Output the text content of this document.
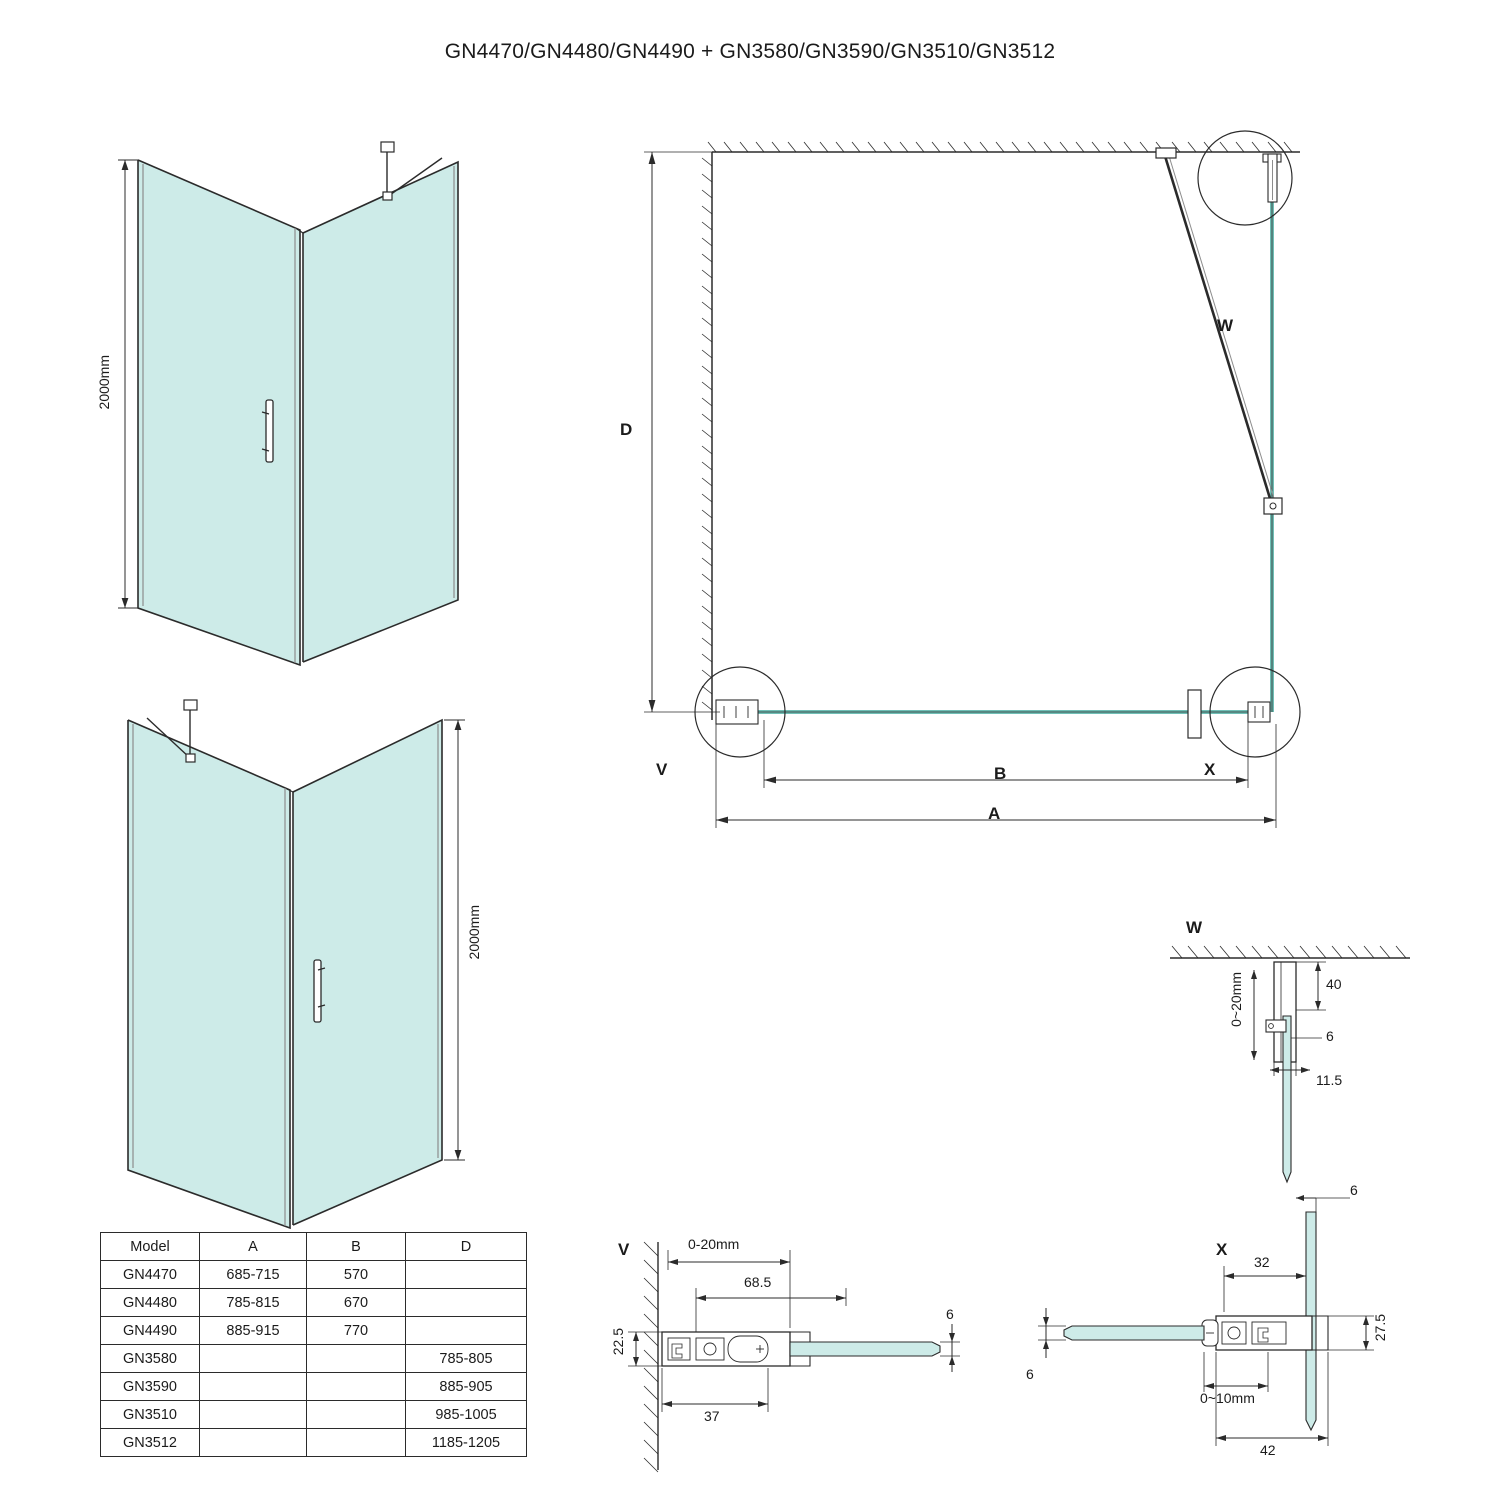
GN4470/GN4480/GN4490 + GN3580/GN3590/GN3510/GN3512
2000mm
2000mm
Model	A	B	D
GN4470	685-715	570	
GN4480	785-815	670	
GN4490	885-915	770	
GN3580			785-805
GN3590			885-905
GN3510			985-1005
GN3512			1185-1205
D
B
A
V	X
W
W
40
6
11.5
0~20mm
V	0-20mm
68.5
6
22.5
37
X
6
32
27.5
6
0~10mm
42
